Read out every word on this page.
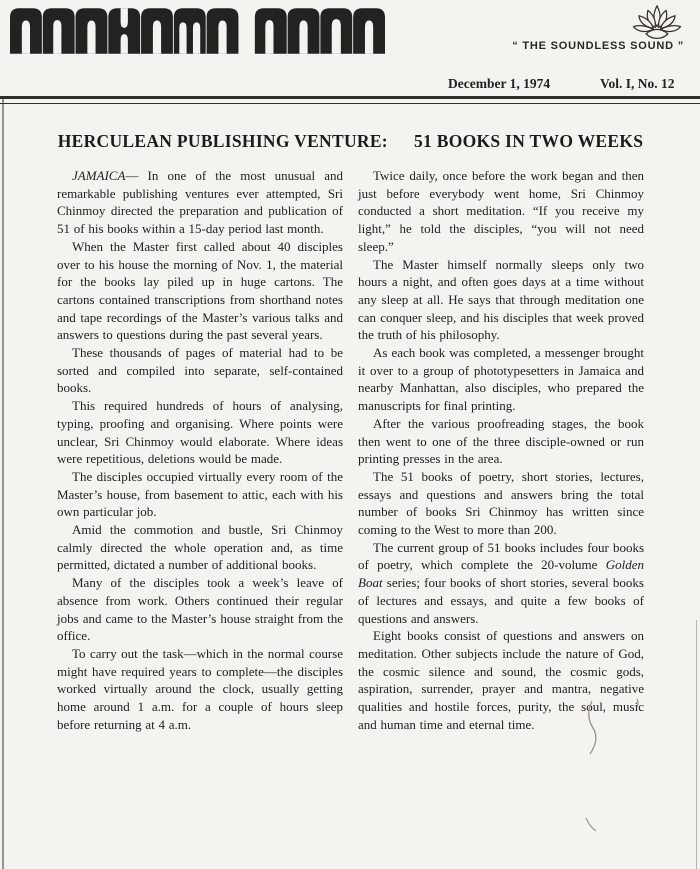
“ THE SOUNDLESS SOUND ”
December 1, 1974	Vol. I, No. 12
HERCULEAN PUBLISHING VENTURE: 51 BOOKS IN TWO WEEKS

JAMAICA— In one of the most unusual and remarkable publishing ventures ever attempted, Sri Chinmoy directed the preparation and publication of 51 of his books within a 15-day period last month.

When the Master first called about 40 disciples over to his house the morning of Nov. 1, the material for the books lay piled up in huge cartons. The cartons contained transcriptions from shorthand notes and tape recordings of the Master’s various talks and answers to questions during the past several years.

These thousands of pages of material had to be sorted and compiled into separate, self-contained books.

This required hundreds of hours of analysing, typing, proofing and organising. Where points were unclear, Sri Chinmoy would elaborate. Where ideas were repetitious, deletions would be made.

The disciples occupied virtually every room of the Master’s house, from basement to attic, each with his own particular job.

Amid the commotion and bustle, Sri Chinmoy calmly directed the whole operation and, as time permitted, dictated a number of additional books.

Many of the disciples took a week’s leave of absence from work. Others continued their regular jobs and came to the Master’s house straight from the office.

To carry out the task—which in the normal course might have required years to complete—the disciples worked virtually around the clock, usually getting home around 1 a.m. for a couple of hours sleep before returning at 4 a.m.

Twice daily, once before the work began and then just before everybody went home, Sri Chinmoy conducted a short meditation. “If you receive my light,” he told the disciples, “you will not need sleep.”

The Master himself normally sleeps only two hours a night, and often goes days at a time without any sleep at all. He says that through meditation one can conquer sleep, and his disciples that week proved the truth of his philosophy.

As each book was completed, a messenger brought it over to a group of phototypesetters in Jamaica and nearby Manhattan, also disciples, who prepared the manuscripts for final printing.

After the various proofreading stages, the book then went to one of the three disciple-owned or run printing presses in the area.

The 51 books of poetry, short stories, lectures, essays and questions and answers bring the total number of books Sri Chinmoy has written since coming to the West to more than 200.

The current group of 51 books includes four books of poetry, which complete the 20-volume Golden Boat series; four books of short stories, several books of lectures and essays, and quite a few books of questions and answers.

Eight books consist of questions and answers on meditation. Other subjects include the nature of God, the cosmic silence and sound, the cosmic gods, aspiration, surrender, prayer and mantra, negative qualities and hostile forces, purity, the soul, music and human time and eternal time.
